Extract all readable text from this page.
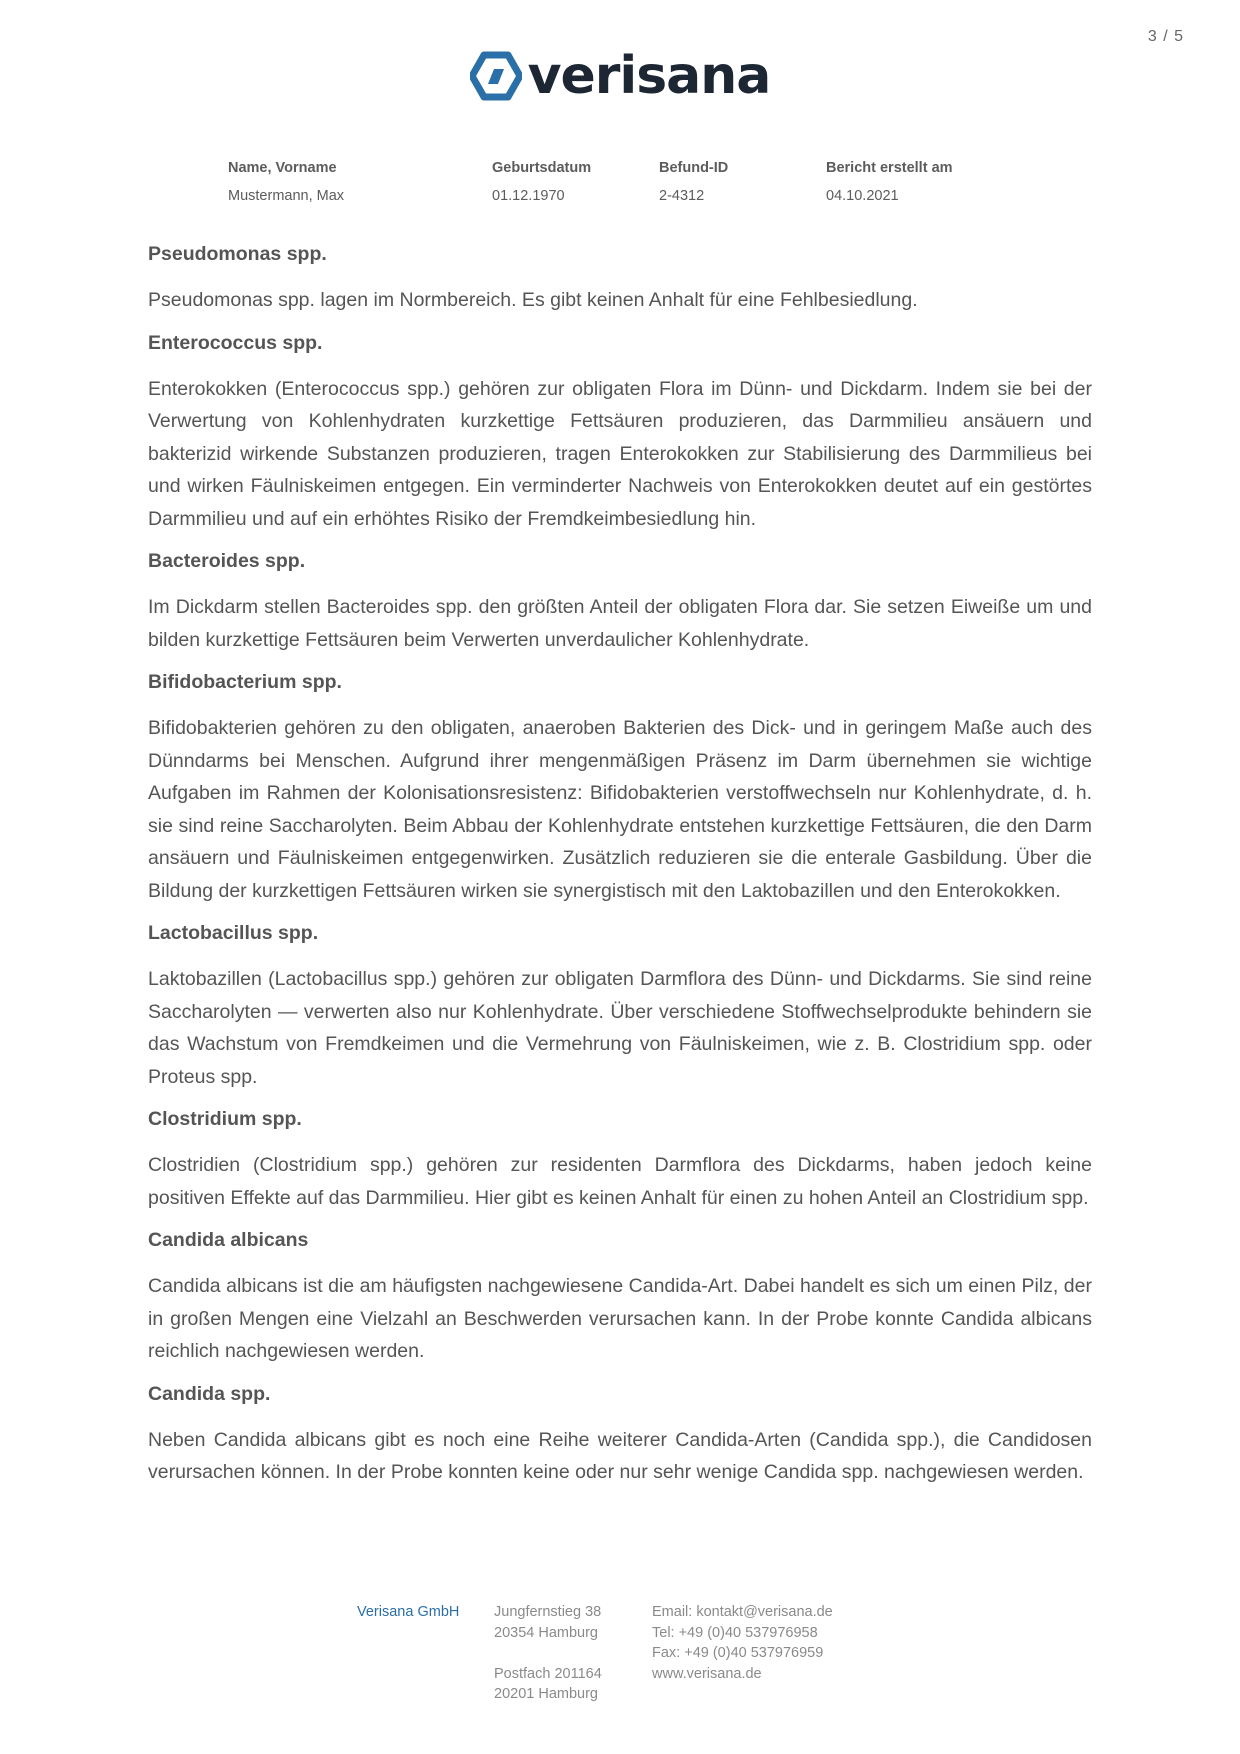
3 / 5
verisana
Name, Vorname
Mustermann, Max
Geburtsdatum
01.12.1970
Befund-ID
2-4312
Bericht erstellt am
04.10.2021
Pseudomonas spp.
Pseudomonas spp. lagen im Normbereich. Es gibt keinen Anhalt für eine Fehlbesiedlung.
Enterococcus spp.
Enterokokken (Enterococcus spp.) gehören zur obligaten Flora im Dünn- und Dickdarm. Indem sie bei der Verwertung von Kohlenhydraten kurzkettige Fettsäuren produzieren, das Darmmilieu ansäuern und bakterizid wirkende Substanzen produzieren, tragen Enterokokken zur Stabilisierung des Darmmilieus bei und wirken Fäulniskeimen entgegen. Ein verminderter Nachweis von Enterokokken deutet auf ein gestörtes Darmmilieu und auf ein erhöhtes Risiko der Fremdkeimbesiedlung hin.
Bacteroides spp.
Im Dickdarm stellen Bacteroides spp. den größten Anteil der obligaten Flora dar. Sie setzen Eiweiße um und bilden kurzkettige Fettsäuren beim Verwerten unverdaulicher Kohlenhydrate.
Bifidobacterium spp.
Bifidobakterien gehören zu den obligaten, anaeroben Bakterien des Dick- und in geringem Maße auch des Dünndarms bei Menschen. Aufgrund ihrer mengenmäßigen Präsenz im Darm übernehmen sie wichtige Aufgaben im Rahmen der Kolonisationsresistenz: Bifidobakterien verstoffwechseln nur Kohlenhydrate, d. h. sie sind reine Saccharolyten. Beim Abbau der Kohlenhydrate entstehen kurzkettige Fettsäuren, die den Darm ansäuern und Fäulniskeimen entgegenwirken. Zusätzlich reduzieren sie die enterale Gasbildung. Über die Bildung der kurzkettigen Fettsäuren wirken sie synergistisch mit den Laktobazillen und den Enterokokken.
Lactobacillus spp.
Laktobazillen (Lactobacillus spp.) gehören zur obligaten Darmflora des Dünn- und Dickdarms. Sie sind reine Saccharolyten — verwerten also nur Kohlenhydrate. Über verschiedene Stoffwechselprodukte behindern sie das Wachstum von Fremdkeimen und die Vermehrung von Fäulniskeimen, wie z. B. Clostridium spp. oder Proteus spp.
Clostridium spp.
Clostridien (Clostridium spp.) gehören zur residenten Darmflora des Dickdarms, haben jedoch keine positiven Effekte auf das Darmmilieu. Hier gibt es keinen Anhalt für einen zu hohen Anteil an Clostridium spp.
Candida albicans
Candida albicans ist die am häufigsten nachgewiesene Candida-Art. Dabei handelt es sich um einen Pilz, der in großen Mengen eine Vielzahl an Beschwerden verursachen kann. In der Probe konnte Candida albicans reichlich nachgewiesen werden.
Candida spp.
Neben Candida albicans gibt es noch eine Reihe weiterer Candida-Arten (Candida spp.), die Candidosen verursachen können. In der Probe konnten keine oder nur sehr wenige Candida spp. nachgewiesen werden.
Verisana GmbH Jungfernstieg 38
20354 Hamburg
Postfach 201164
20201 Hamburg
Email: kontakt@verisana.de
Tel: +49 (0)40 537976958
Fax: +49 (0)40 537976959
www.verisana.de
